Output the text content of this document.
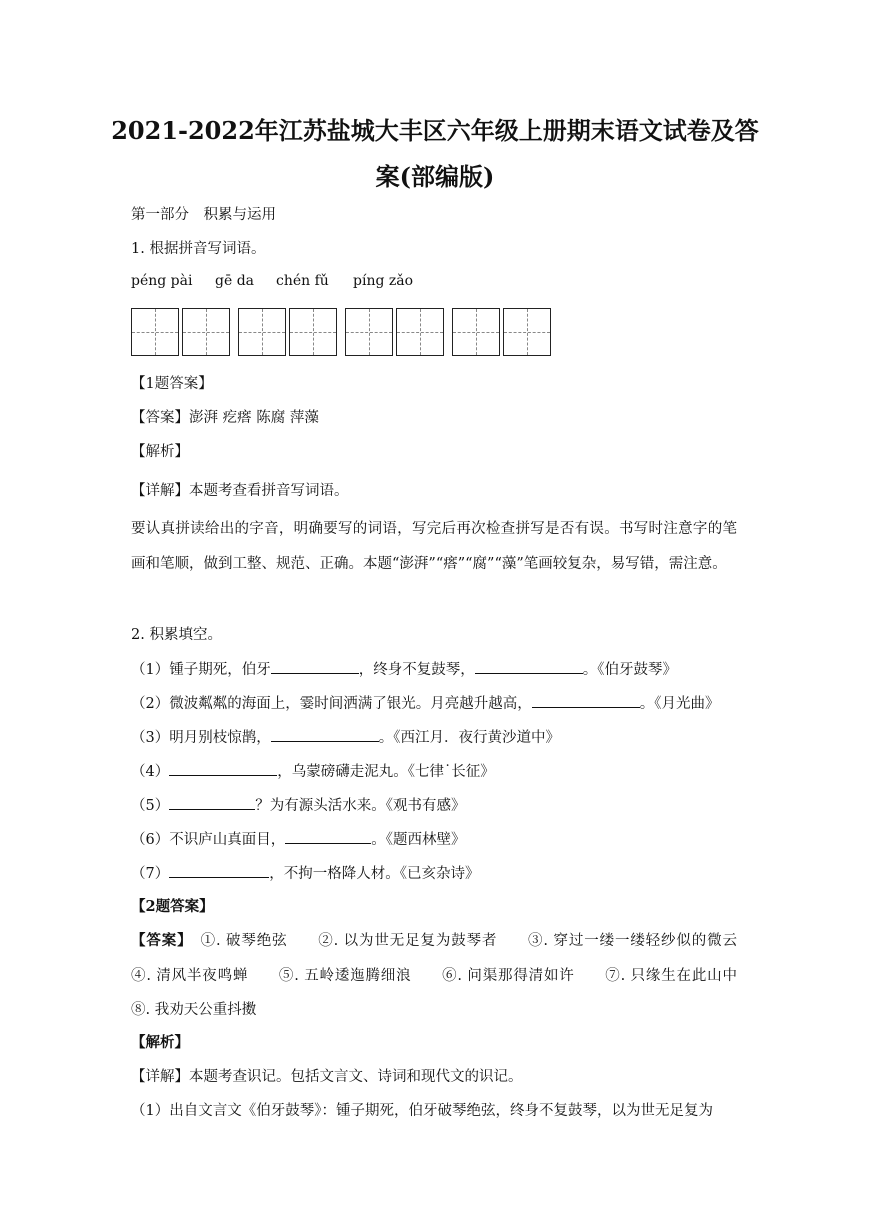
2021-2022年江苏盐城大丰区六年级上册期末语文试卷及答
案(部编版)
第一部分　积累与运用
1. 根据拼音写词语。
péng pài gē da chén fǔ píng zǎo
【1题答案】
【答案】澎湃 疙瘩 陈腐 萍藻
【解析】
【详解】本题考查看拼音写词语。
要认真拼读给出的字音，明确要写的词语，写完后再次检查拼写是否有误。书写时注意字的笔画和笔顺，做到工整、规范、正确。本题“澎湃”“瘩”“腐”“藻”笔画较复杂，易写错，需注意。
2. 积累填空。
（1）锺子期死，伯牙	，终身不复鼓琴，	。《伯牙鼓琴》
（2）微波粼粼的海面上，霎时间洒满了银光。月亮越升越高，	。《月光曲》
（3）明月别枝惊鹊，	。《西江月．夜行黄沙道中》
（4）	，乌蒙磅礴走泥丸。《七律˙长征》
（5）	？为有源头活水来。《观书有感》
（6）不识庐山真面目，	。《题西林壁》
（7）	，不拘一格降人材。《已亥杂诗》
【2题答案】
【答案】　①. 破琴绝弦　　②. 以为世无足复为鼓琴者　　③. 穿过一缕一缕轻纱似的微云　　④. 清风半夜鸣蝉　　⑤. 五岭逶迤腾细浪　　⑥. 问渠那得清如许　　⑦. 只缘生在此山中　　⑧. 我劝天公重抖擞
【解析】
【详解】本题考查识记。包括文言文、诗词和现代文的识记。
（1）出自文言文《伯牙鼓琴》：锺子期死，伯牙破琴绝弦，终身不复鼓琴，以为世无足复为
